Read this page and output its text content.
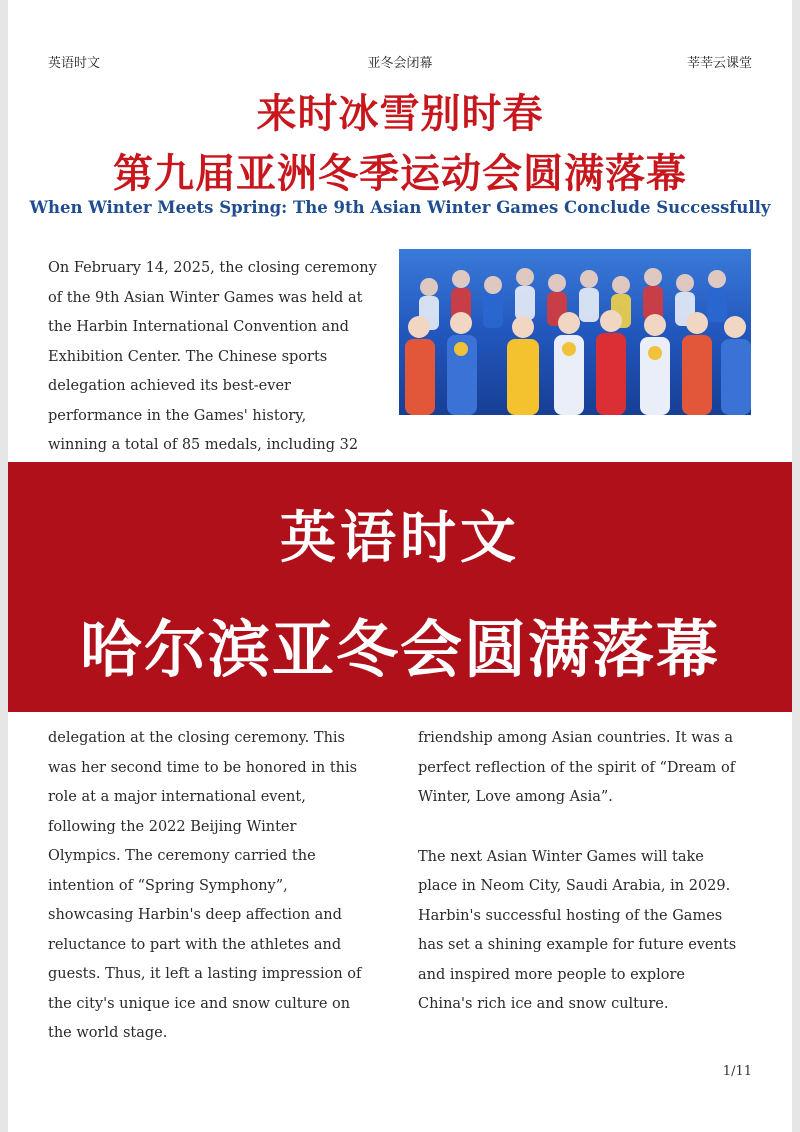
英语时文	亚冬会闭幕	莘莘云课堂
来时冰雪别时春
第九届亚洲冬季运动会圆满落幕
When Winter Meets Spring: The 9th Asian Winter Games Conclude Successfully
On February 14, 2025, the closing ceremony
of the 9th Asian Winter Games was held at
the Harbin International Convention and
Exhibition Center. The Chinese sports
delegation achieved its best-ever
performance in the Games' history,
winning a total of 85 medals, including 32
英语时文
哈尔滨亚冬会圆满落幕
delegation at the closing ceremony. This
was her second time to be honored in this
role at a major international event,
following the 2022 Beijing Winter
Olympics. The ceremony carried the
intention of “Spring Symphony”,
showcasing Harbin's deep affection and
reluctance to part with the athletes and
guests. Thus, it left a lasting impression of
the city's unique ice and snow culture on
the world stage.
friendship among Asian countries. It was a
perfect reflection of the spirit of “Dream of
Winter, Love among Asia”.
The next Asian Winter Games will take
place in Neom City, Saudi Arabia, in 2029.
Harbin's successful hosting of the Games
has set a shining example for future events
and inspired more people to explore
China's rich ice and snow culture.
1/11
